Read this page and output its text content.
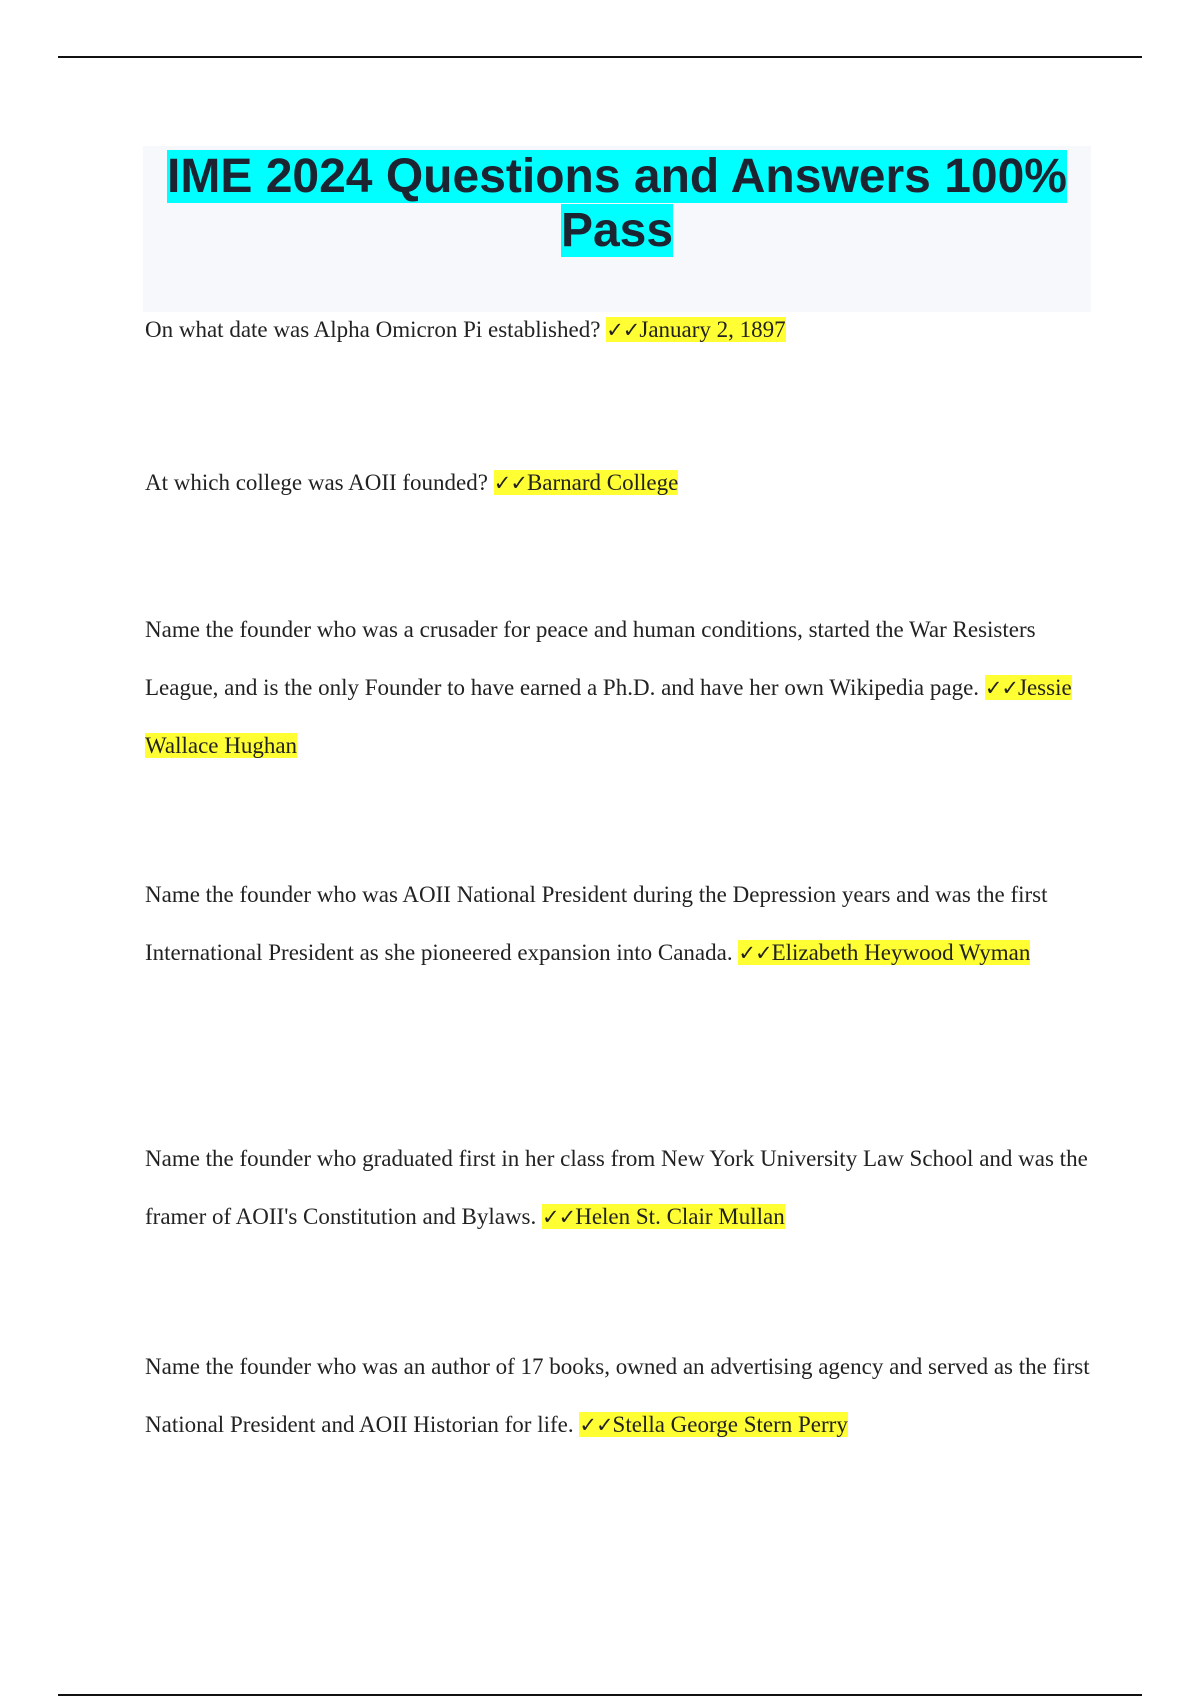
IME 2024 Questions and Answers 100% Pass

On what date was Alpha Omicron Pi established? ✓✓January 2, 1897

At which college was AOII founded? ✓✓Barnard College

Name the founder who was a crusader for peace and human conditions, started the War Resisters League, and is the only Founder to have earned a Ph.D. and have her own Wikipedia page. ✓✓Jessie Wallace Hughan

Name the founder who was AOII National President during the Depression years and was the first International President as she pioneered expansion into Canada. ✓✓Elizabeth Heywood Wyman

Name the founder who graduated first in her class from New York University Law School and was the framer of AOII's Constitution and Bylaws. ✓✓Helen St. Clair Mullan

Name the founder who was an author of 17 books, owned an advertising agency and served as the first National President and AOII Historian for life. ✓✓Stella George Stern Perry
